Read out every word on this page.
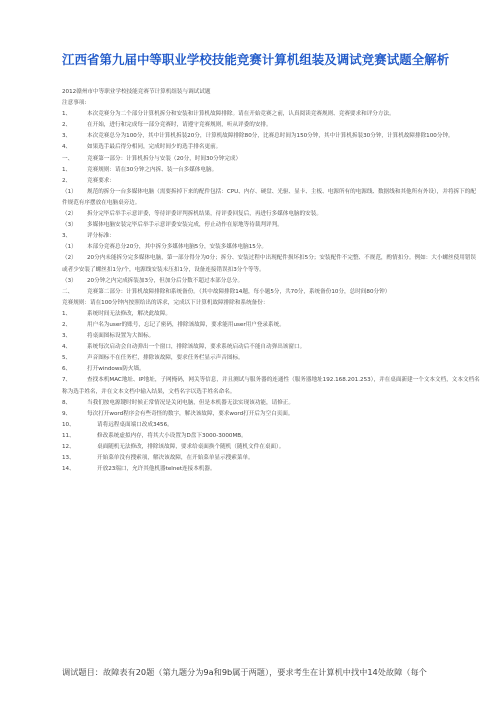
江西省第九届中等职业学校技能竞赛计算机组装及调试竞赛试题全解析
2012赣州市中等职业学校技能竞赛节计算机组装与调试试题
注意事项:
1、	本次竞赛分为二个部分计算机拆分和安装和计算机故障排除。请在开始竞赛之前，认真阅读竞赛规则、竞赛要求和评分方法。
2、	在开始，进行和完成每一部分竞赛时，请遵守竞赛规则，听从评委的安排。
3、	本次竞赛总分为100分，其中计算机拆装20分，计算机故障排除80分，比赛总时间为150分钟，其中计算机拆装30分钟，计算机故障排除100分钟。
4、	如果选手最后得分相同，完成时间少的选手排名更前。
一、 竞赛第一部分：计算机拆分与安装（20分，时间30分钟完成）
1、	竞赛规则：请在30分钟之内拆、装一台多媒体电脑。
2、	竞赛要求：
（1） 规范的拆分一台多媒体电脑（需要拆掉下来的配件包括：CPU、内存、硬盘、光驱、显卡、主板、电源所有的电源线、数据线和其他所有外设），并将拆下的配件规范有序摆放在电脑桌旁边。
（2） 拆分完毕后举手示意评委，等待评委评判拆机结果，待评委回复后，再进行多媒体电脑的安装。
（3） 多媒体电脑安装完毕后举手示意评委安装完成，停止动作在原地等待裁判评判。
3、	评分标准：
（1） 本部分竞赛总分20分，其中拆分多媒体电脑5分，安装多媒体电脑15分。
（2） 20分内未能拆分完多媒体电脑，第一部分得分为0分；拆分、安装过程中出现配件损坏扣5分；安装配件不完整、不规范，酌情扣分。例如：大小螺丝使用错误或者少安装了螺丝扣1分/个，电源线安装未压扣1分，设备连接错误扣3分个等等。
（3） 20分钟之内完成拆装加3分，但加分后分数不超过本部分总分。
二、 竞赛第二部分：计算机故障排除和系统备份。（其中故障排除14题，每小题5分，共70分，系统备份10分，总时间80分钟）
竞赛规则：请在100分钟内按照给出的诉求，完成以下计算机故障排除和系统备份：
1、	系统时间无法修改，解决此故障。
2、	用户名为user的账号，忘记了密码，排除该故障，要求能用user用户登录系统。
3、	将桌面图标设置为大图标。
4、	系统每次启动会自动弹出一个窗口，排除该故障，要求系统启动后不能自动弹出该窗口。
5、	声音图标不在任务栏，排除该故障，要求任务栏显示声音图标。
6、	打开windows防火墙。
7、	查找本机MAC地址、IP地址，子网掩码，网关等信息，并且测试与服务器的连通性（服务器地址192.168.201.253），并在桌面新建一个文本文档，文本文档名称为选手姓名，并在文本文档中输入结果，文档名字以选手姓名命名。
8、	当我们按电源键时时候正常情况是关闭电脑，但是本机器无法实现该功能，请修正。
9、	每次打开word程序会有些奇怪的数字，解决该故障，要求word打开后为空白页面。
10、	请将远程桌面端口改成3456。
11、	修改系统虚拟内存，将其大小设置为D盘下3000-3000MB。
12、	桌面随机无法修改，排除该故障，要求给桌面换个随机（随机文件在桌面）。
13、	开始菜单没有搜索项，解决该故障，在开始菜单显示搜索菜单。
14、	开放23端口，允许其他机器telnet连接本机器。
调试题目：故障表有20题（第九题分为9a和9b属于两题），要求考生在计算机中找中14处故障（每个
